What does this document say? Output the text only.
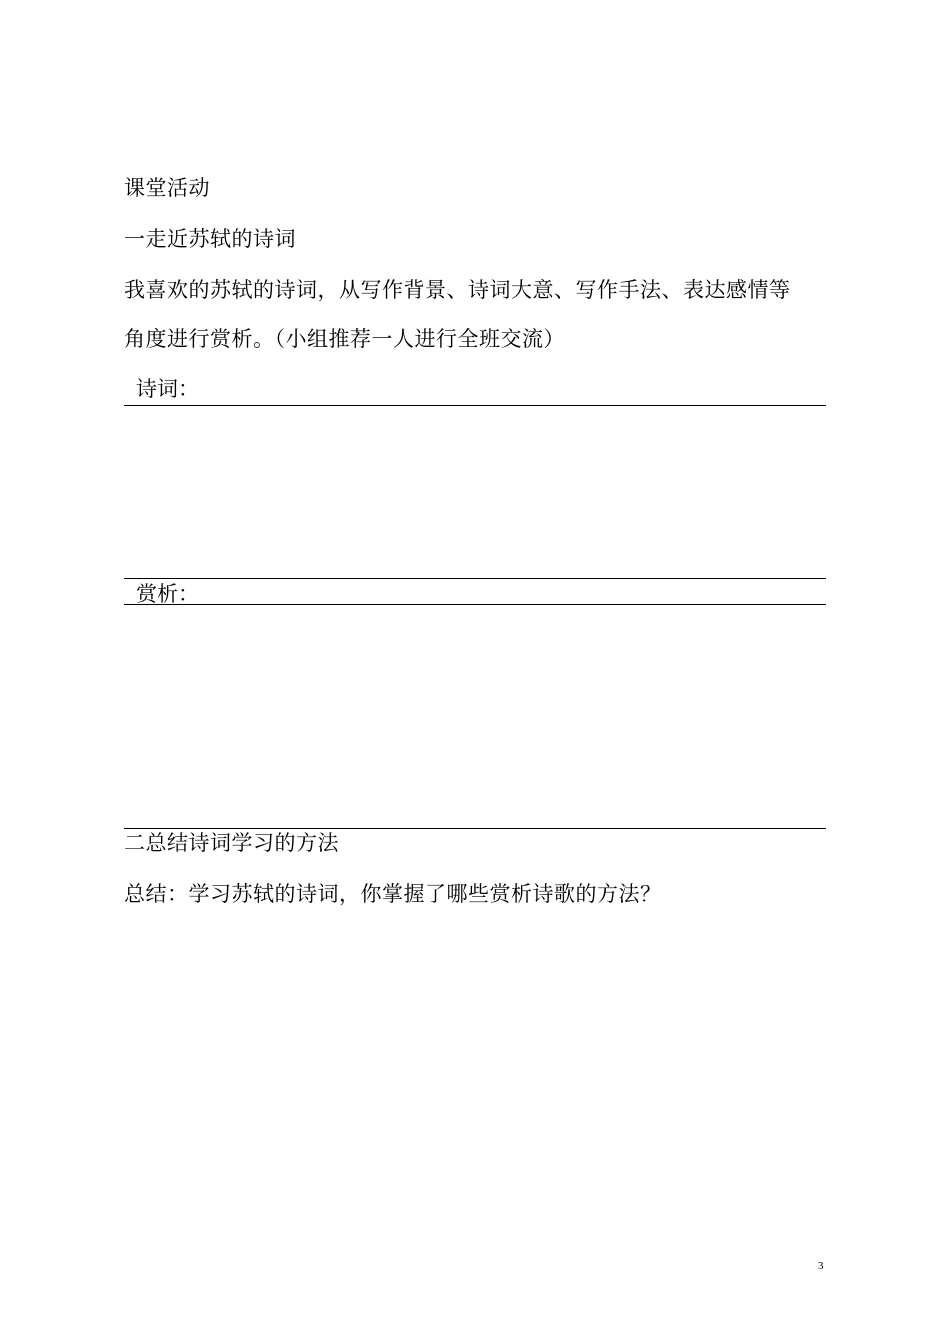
课堂活动
一走近苏轼的诗词
我喜欢的苏轼的诗词，从写作背景、诗词大意、写作手法、表达感情等
角度进行赏析。（小组推荐一人进行全班交流）
诗词：
赏析：
二总结诗词学习的方法
总结：学习苏轼的诗词，你掌握了哪些赏析诗歌的方法？
3
